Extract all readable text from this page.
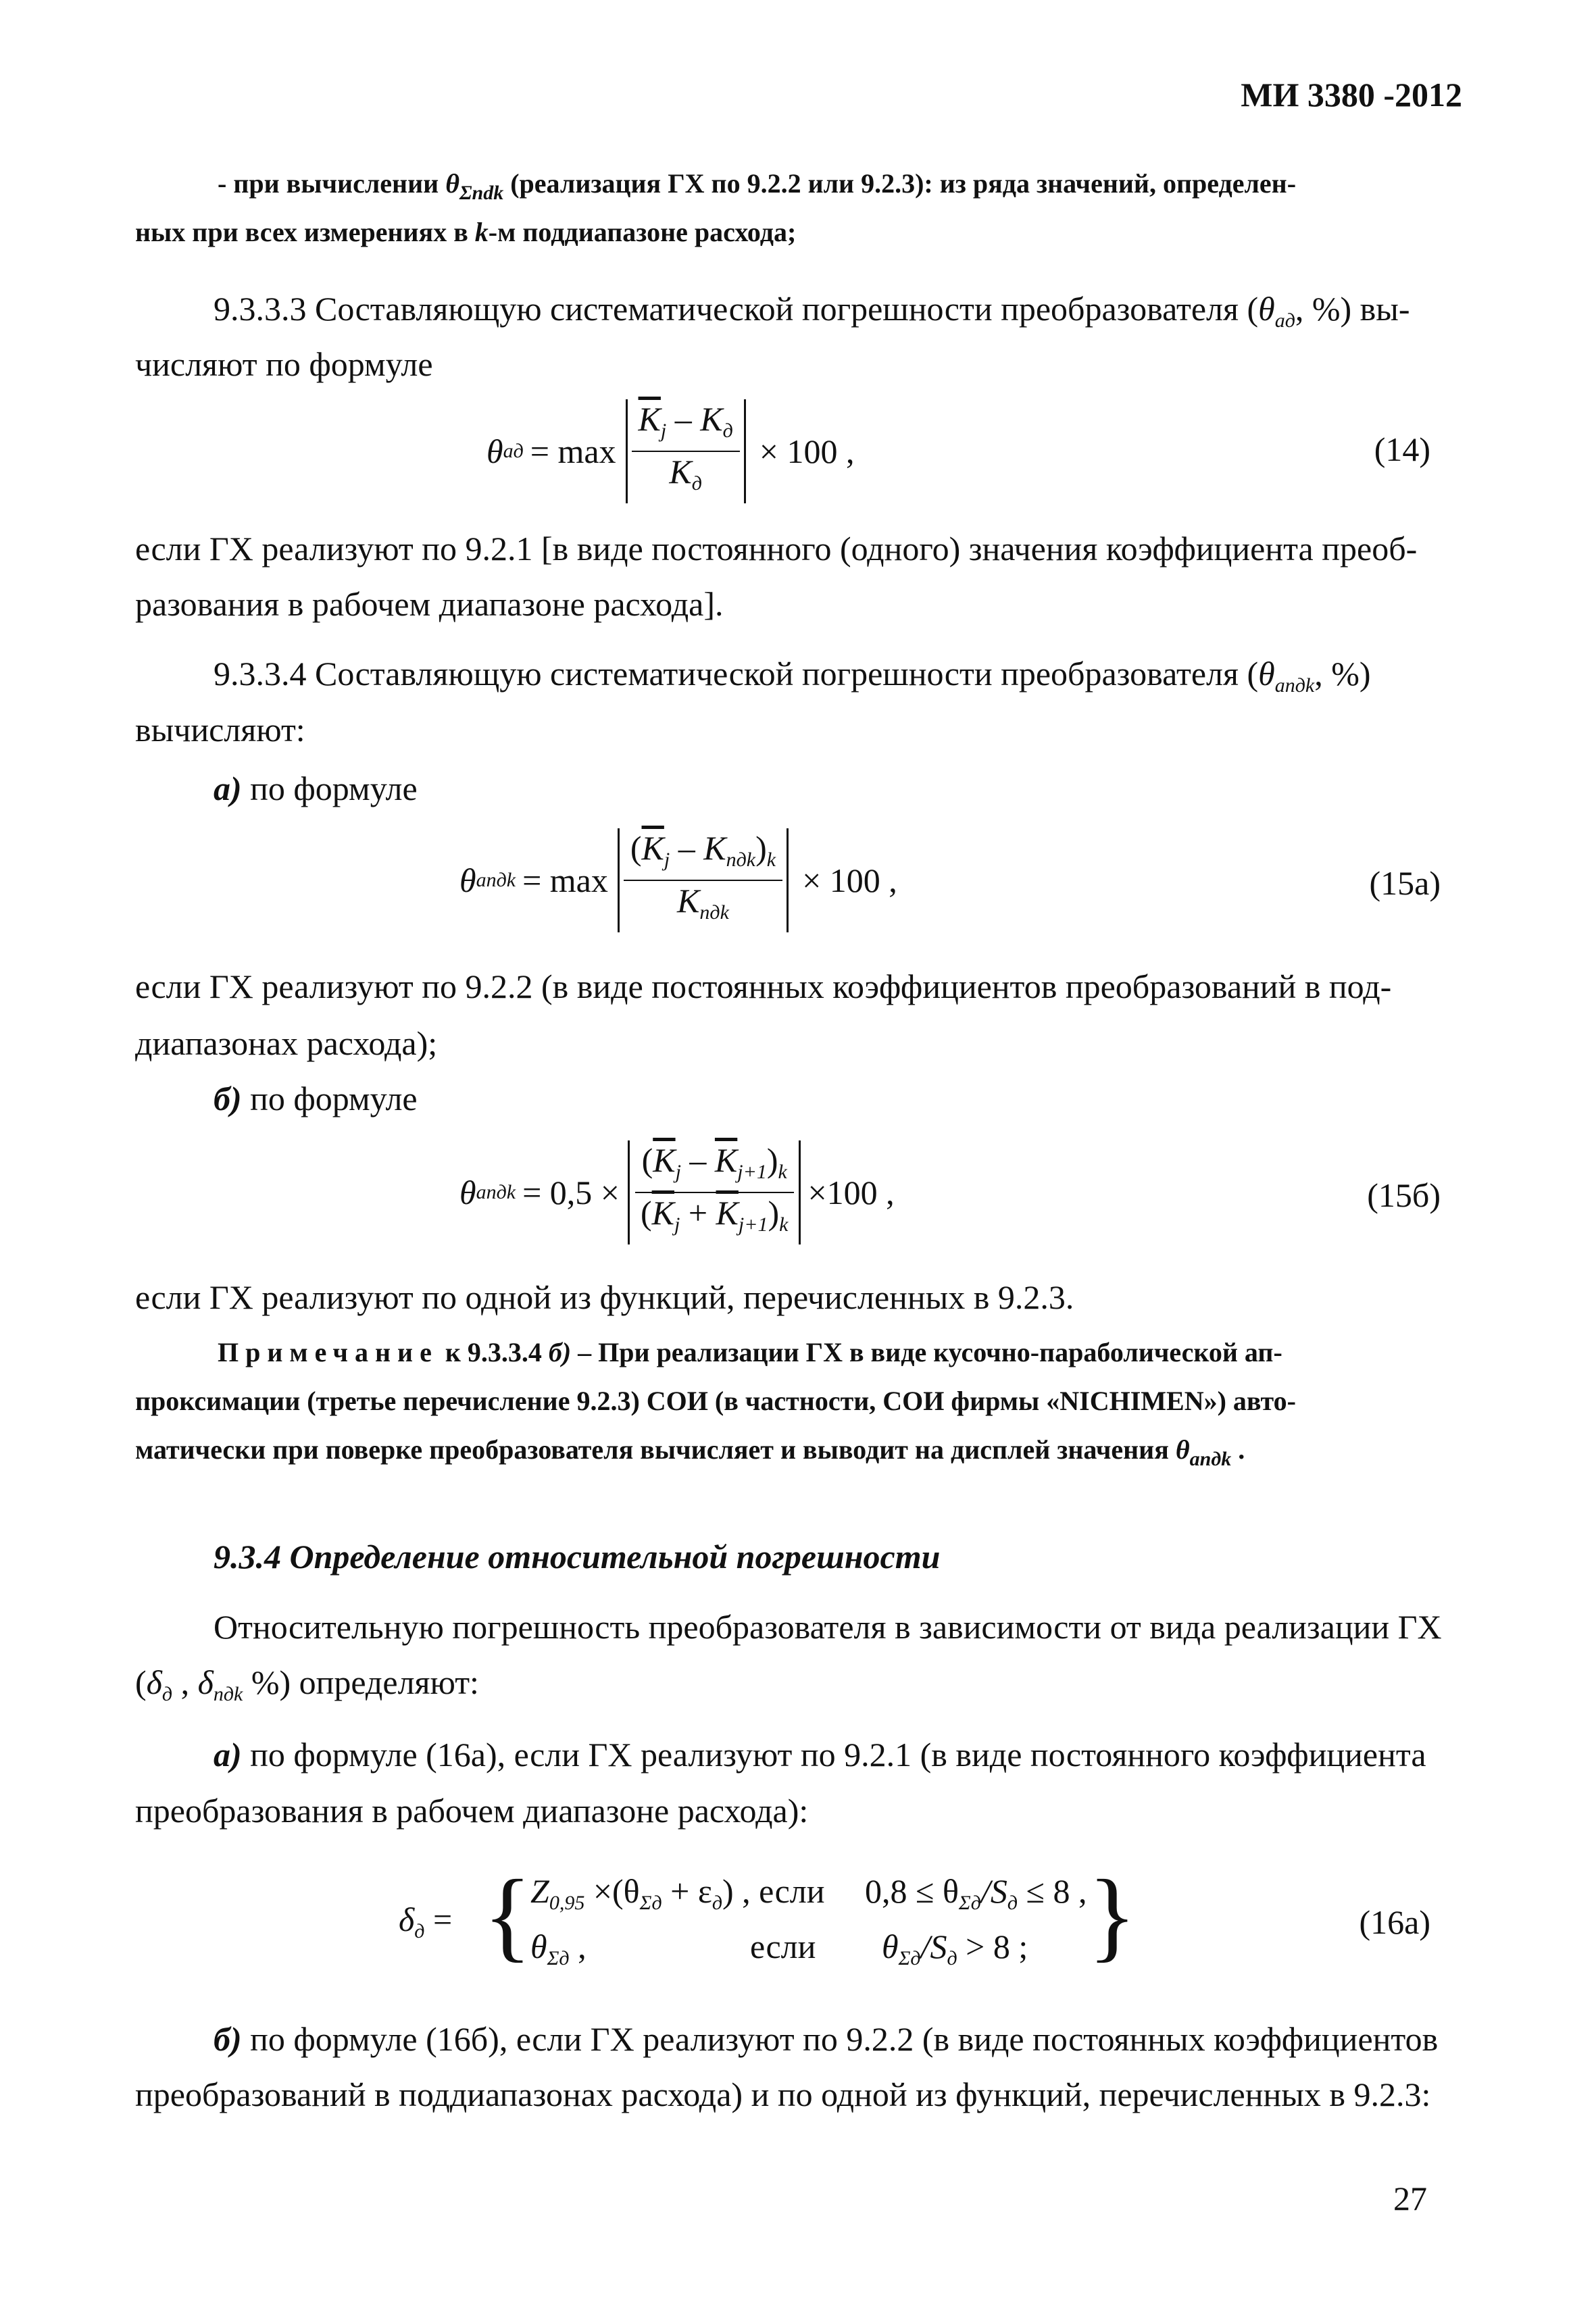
МИ 3380 -2012
- при вычислении $\theta_{\Sigma пdk}$ (реализация ГХ по 9.2.2 или 9.2.3): из ряда значений, определен-
ных при всех измерениях в k-м поддиапазоне расхода;
9.3.3.3 Составляющую систематической погрешности преобразователя ($\theta_{aд}$, %) вы-
числяют по формуле
θ ад = $\max \frac{\overline{K}_j - K_д}{K_д} \times 100$ ,	(14)
если ГХ реализуют по 9.2.1 [в виде постоянного (одного) значения коэффициента преоб-
разования в рабочем диапазоне расхода].
9.3.3.4 Составляющую систематической погрешности преобразователя ($\theta_{aпдk}$, %)
вычисляют:
а) по формуле
θ aпдk = $\max \frac{(\overline{K}_j - K_{пдk})_k}{K_{пдk}} \times 100$ ,	(15а)
если ГХ реализуют по 9.2.2 (в виде постоянных коэффициентов преобразований в под-
диапазонах расхода);
б) по формуле
θ aпдk = $0,5 \times \frac{(\overline{K}_j - \overline{K}_{j+1})_k}{(\overline{K}_j + \overline{K}_{j+1})_k} \times 100$ ,	(15б)
если ГХ реализуют по одной из функций, перечисленных в 9.2.3.
Примечание к 9.3.3.4 б) – При реализации ГХ в виде кусочно-параболической ап-
проксимации (третье перечисление 9.2.3) СОИ (в частности, СОИ фирмы «NICHIMEN») авто-
матически при поверке преобразователя вычисляет и выводит на дисплей значения $\theta_{aпдk}$ .
9.3.4 Определение относительной погрешности
Относительную погрешность преобразователя в зависимости от вида реализации ГХ
($\delta_д$ , $\delta_{пдk}$ %) определяют:
а) по формуле (16а), если ГХ реализуют по 9.2.1 (в виде постоянного коэффициента
преобразования в рабочем диапазоне расхода):
$\delta_д$ = {
$Z_{0,95} \times(\theta_{\Sigma д} + \varepsilon_д)$ , если $0,8 \le \theta_{\Sigma д}/S_д \le 8$ ,
$\theta_{\Sigma д}$ ,	если $\theta_{\Sigma д}/S_д > 8$ ; }	(16а)
б) по формуле (16б), если ГХ реализуют по 9.2.2 (в виде постоянных коэффициентов
преобразований в поддиапазонах расхода) и по одной из функций, перечисленных в 9.2.3:
27
